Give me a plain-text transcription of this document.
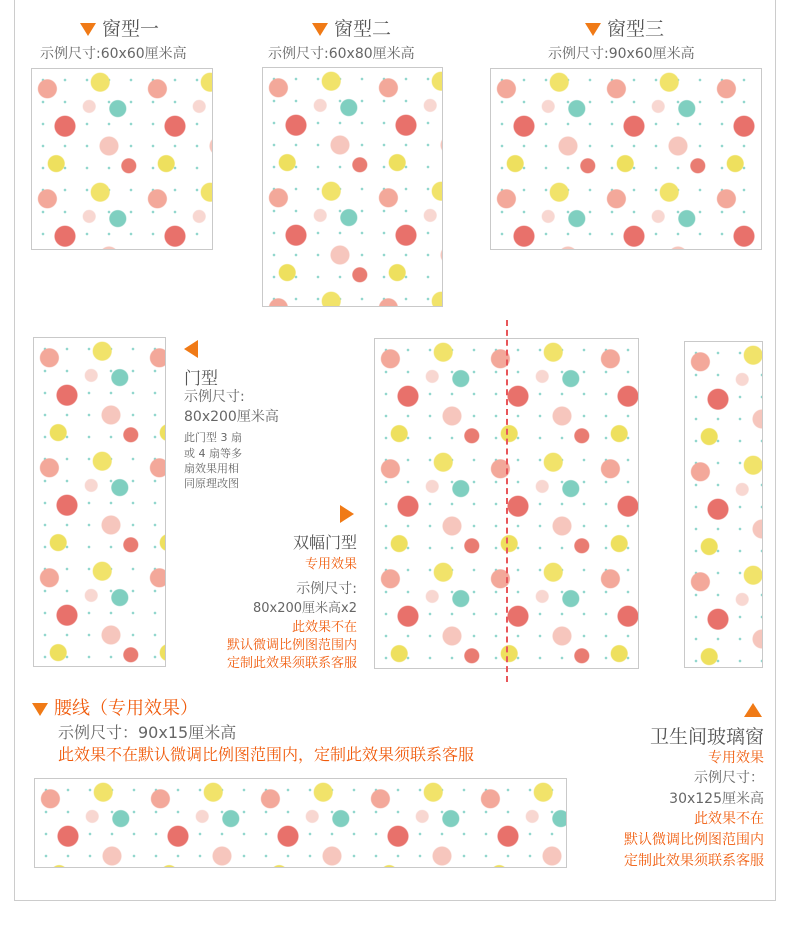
窗型一
示例尺寸:60x60厘米高
窗型二
示例尺寸:60x80厘米高
窗型三
示例尺寸:90x60厘米高
门型
示例尺寸:
80x200厘米高
此门型 3 扇
或 4 扇等多
扇效果用相
同原理改图
双幅门型
专用效果
示例尺寸:
80x200厘米高x2
此效果不在
默认微调比例图范围内
定制此效果须联系客服
腰线（专用效果）
示例尺寸：90x15厘米高
此效果不在默认微调比例图范围内，定制此效果须联系客服
卫生间玻璃窗
专用效果
示例尺寸：
30x125厘米高
此效果不在
默认微调比例图范围内
定制此效果须联系客服
